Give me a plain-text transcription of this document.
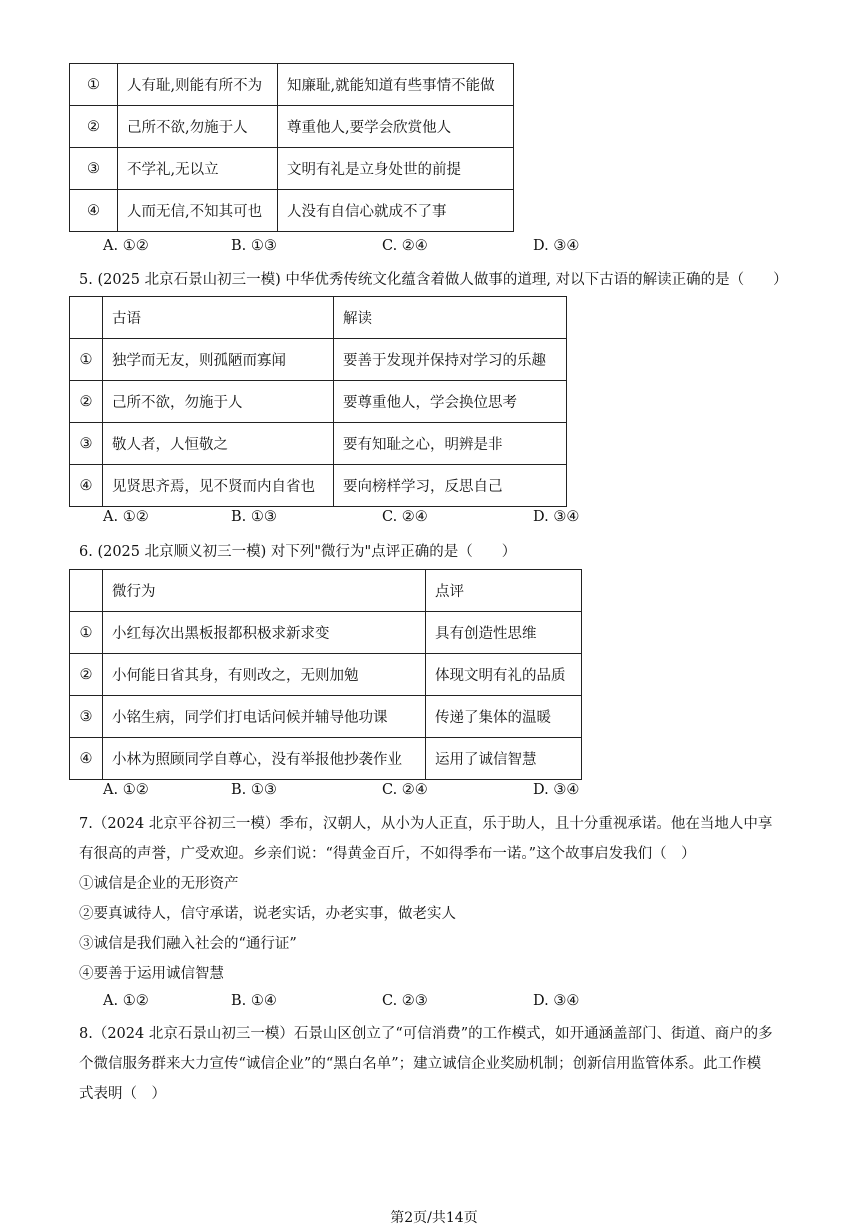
①	人有耻,则能有所不为	知廉耻,就能知道有些事情不能做
②	己所不欲,勿施于人	尊重他人,要学会欣赏他人
③	不学礼,无以立	文明有礼是立身处世的前提
④	人而无信,不知其可也	人没有自信心就成不了事
A. ①②	B. ①③	C. ②④	D. ③④
5. (2025 北京石景山初三一模) 中华优秀传统文化蕴含着做人做事的道理, 对以下古语的解读正确的是（　　）
	古语	解读
①	独学而无友，则孤陋而寡闻	要善于发现并保持对学习的乐趣
②	己所不欲，勿施于人	要尊重他人，学会换位思考
③	敬人者，人恒敬之	要有知耻之心，明辨是非
④	见贤思齐焉，见不贤而内自省也	要向榜样学习，反思自己
A. ①②	B. ①③	C. ②④	D. ③④
6. (2025 北京顺义初三一模) 对下列"微行为"点评正确的是（　　）
	微行为	点评
①	小红每次出黑板报都积极求新求变	具有创造性思维
②	小何能日省其身，有则改之，无则加勉	体现文明有礼的品质
③	小铭生病，同学们打电话问候并辅导他功课	传递了集体的温暖
④	小林为照顾同学自尊心，没有举报他抄袭作业	运用了诚信智慧
A. ①②	B. ①③	C. ②④	D. ③④
7.（2024 北京平谷初三一模）季布，汉朝人，从小为人正直，乐于助人，且十分重视承诺。他在当地人中享
有很高的声誉，广受欢迎。乡亲们说：“得黄金百斤，不如得季布一诺。”这个故事启发我们（　）
①诚信是企业的无形资产
②要真诚待人，信守承诺，说老实话，办老实事，做老实人
③诚信是我们融入社会的“通行证”
④要善于运用诚信智慧
A. ①②	B. ①④	C. ②③	D. ③④
8.（2024 北京石景山初三一模）石景山区创立了“可信消费”的工作模式，如开通涵盖部门、街道、商户的多
个微信服务群来大力宣传“诚信企业”的“黑白名单”；建立诚信企业奖励机制；创新信用监管体系。此工作模
式表明（　）
第2页/共14页
